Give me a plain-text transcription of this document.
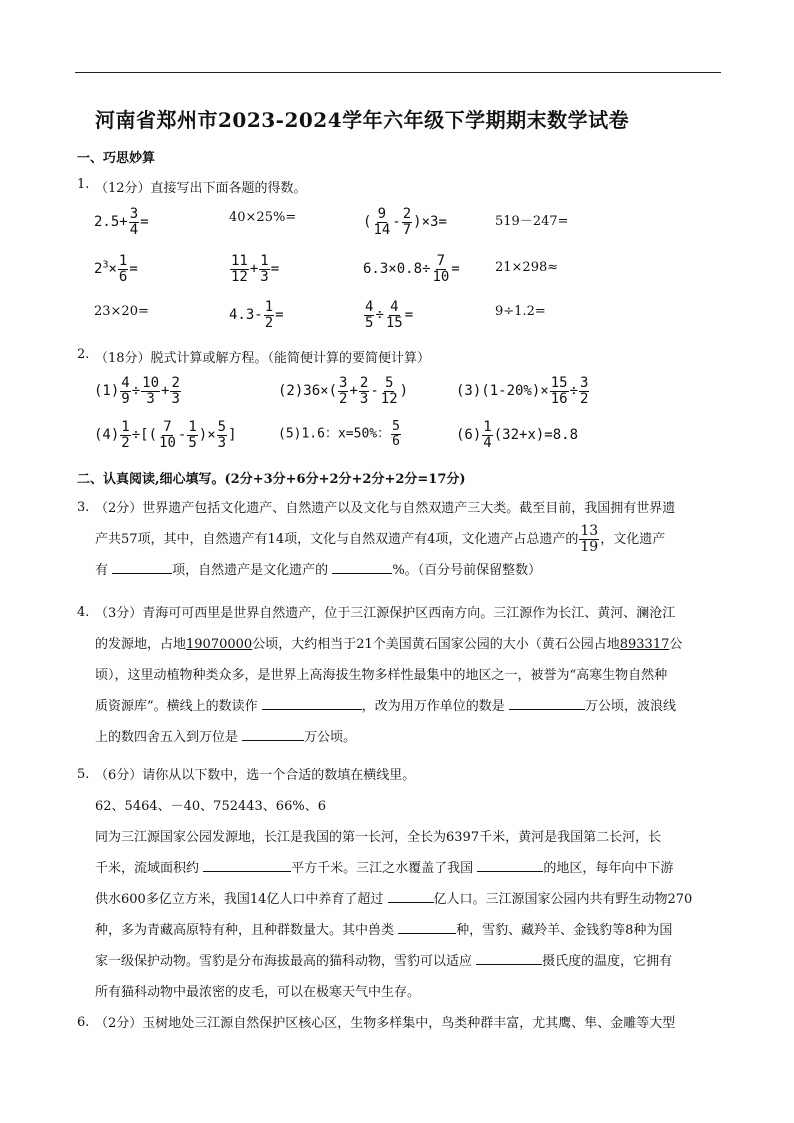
河南省郑州市2023-2024学年六年级下学期期末数学试卷
一、巧思妙算
1. （12分）直接写出下面各题的得数。
$2.5+ \frac{3}{4}$ =	40×25%=	( $\frac{9}{14} - \frac{2}{7} )\times 3=$	519－247=
$2^3\times \frac{1}{6}$ =	$\frac{11}{12} + \frac{1}{3}$ =	$6.3\times 0.8\div \frac{7}{10}$ =	21×298≈
23×20=	$4.3- \frac{1}{2}$ =	$\frac{4}{5} \div \frac{4}{15}$ =	9÷1.2=
2. （18分）脱式计算或解方程。（能简便计算的要简便计算）
$(1) \frac{4}{9} \div \frac{10}{3} + \frac{2}{3}$	$(2)36\times( \frac{3}{2} + \frac{2}{3} - \frac{5}{12}$ )	$(3)(1-20\%)\times \frac{15}{16} \div \frac{3}{2}$
$(4) \frac{1}{2}$ ÷[( $\frac{7}{10} - \frac{1}{5}$ )× $\frac{5}{3}$ ]	(5)1.6：x=50%： $\frac{5}{6}$	$(6) \frac{1}{4} (32+x)=8.8$
二、认真阅读,细心填写。(2分+3分+6分+2分+2分+2分=17分)
3. （2分）世界遗产包括文化遗产、自然遗产以及文化与自然双遗产三大类。截至目前，我国拥有世界遗
产共57项，其中，自然遗产有14项，文化与自然双遗产有4项，文化遗产占总遗产的 $\frac{13}{19}$ ，文化遗产
有	项，自然遗产是文化遗产的	%。（百分号前保留整数）
4. （3分）青海可可西里是世界自然遗产，位于三江源保护区西南方向。三江源作为长江、黄河、澜沧江
的发源地，占地19070000公顷，大约相当于21个美国黄石国家公园的大小（黄石公园占地893317公
顷），这里动植物种类众多，是世界上高海拔生物多样性最集中的地区之一，被誉为“高寒生物自然种
质资源库”。横线上的数读作	，改为用万作单位的数是	万公顷，波浪线
上的数四舍五入到万位是	万公顷。
5. （6分）请你从以下数中，选一个合适的数填在横线里。
62、5464、－40、752443、66%、6
同为三江源国家公园发源地，长江是我国的第一长河，全长为6397千米，黄河是我国第二长河，长
千米，流域面积约	平方千米。三江之水覆盖了我国	的地区，每年向中下游
供水600多亿立方米，我国14亿人口中养育了超过	亿人口。三江源国家公园内共有野生动物270
种，多为青藏高原特有种，且种群数量大。其中兽类	种，雪豹、藏羚羊、金钱豹等8种为国
家一级保护动物。雪豹是分布海拔最高的猫科动物，雪豹可以适应	摄氏度的温度，它拥有
所有猫科动物中最浓密的皮毛，可以在极寒天气中生存。
6. （2分）玉树地处三江源自然保护区核心区，生物多样集中，鸟类种群丰富，尤其鹰、隼、金雕等大型
